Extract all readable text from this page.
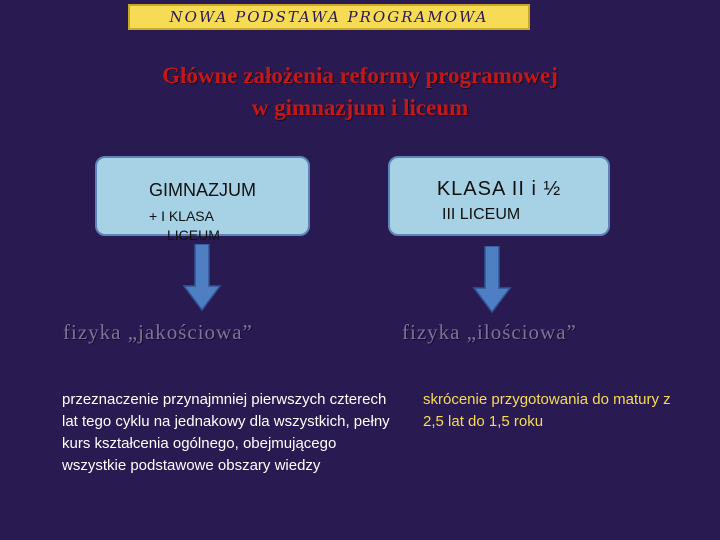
NOWA PODSTAWA PROGRAMOWA
Główne założenia reformy programowej
w gimnazjum i liceum
GIMNAZJUM
+ I KLASA
LICEUM
KLASA II i ½
III LICEUM
fizyka „jakościowa”	fizyka „ilościowa”
przeznaczenie przynajmniej pierwszych czterech lat tego cyklu na jednakowy dla wszystkich, pełny kurs kształcenia ogólnego, obejmującego wszystkie podstawowe obszary wiedzy
skrócenie przygotowania do matury z 2,5 lat do 1,5 roku
